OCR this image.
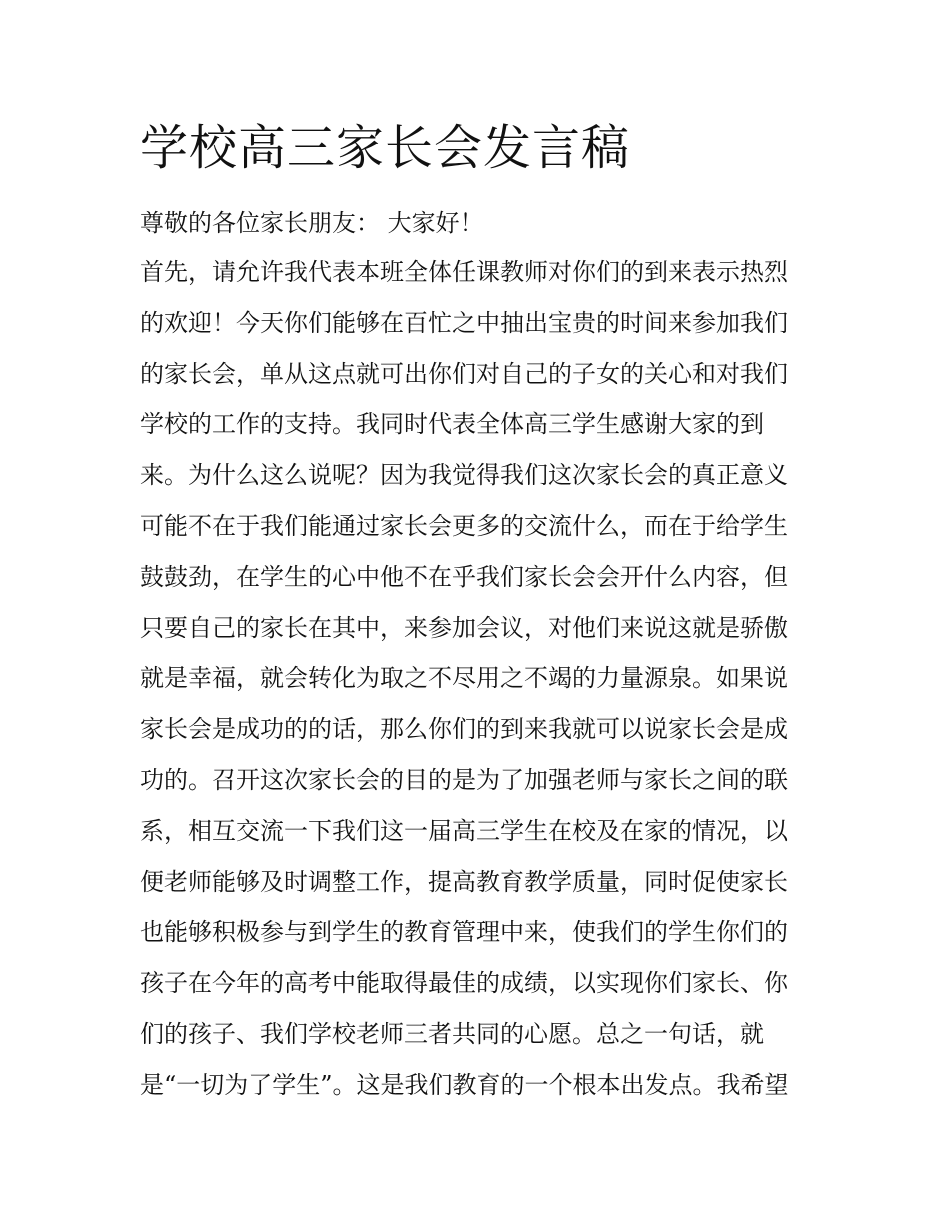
学校高三家长会发言稿

尊敬的各位家长朋友： 大家好！

首先，请允许我代表本班全体任课教师对你们的到来表示热烈
的欢迎！今天你们能够在百忙之中抽出宝贵的时间来参加我们
的家长会，单从这点就可出你们对自己的子女的关心和对我们
学校的工作的支持。我同时代表全体高三学生感谢大家的到
来。为什么这么说呢？因为我觉得我们这次家长会的真正意义
可能不在于我们能通过家长会更多的交流什么，而在于给学生
鼓鼓劲，在学生的心中他不在乎我们家长会会开什么内容，但
只要自己的家长在其中，来参加会议，对他们来说这就是骄傲
就是幸福，就会转化为取之不尽用之不竭的力量源泉。如果说
家长会是成功的的话，那么你们的到来我就可以说家长会是成
功的。召开这次家长会的目的是为了加强老师与家长之间的联
系，相互交流一下我们这一届高三学生在校及在家的情况，以
便老师能够及时调整工作，提高教育教学质量，同时促使家长
也能够积极参与到学生的教育管理中来，使我们的学生你们的
孩子在今年的高考中能取得最佳的成绩，以实现你们家长、你
们的孩子、我们学校老师三者共同的心愿。总之一句话，就
是“一切为了学生”。这是我们教育的一个根本出发点。我希望
